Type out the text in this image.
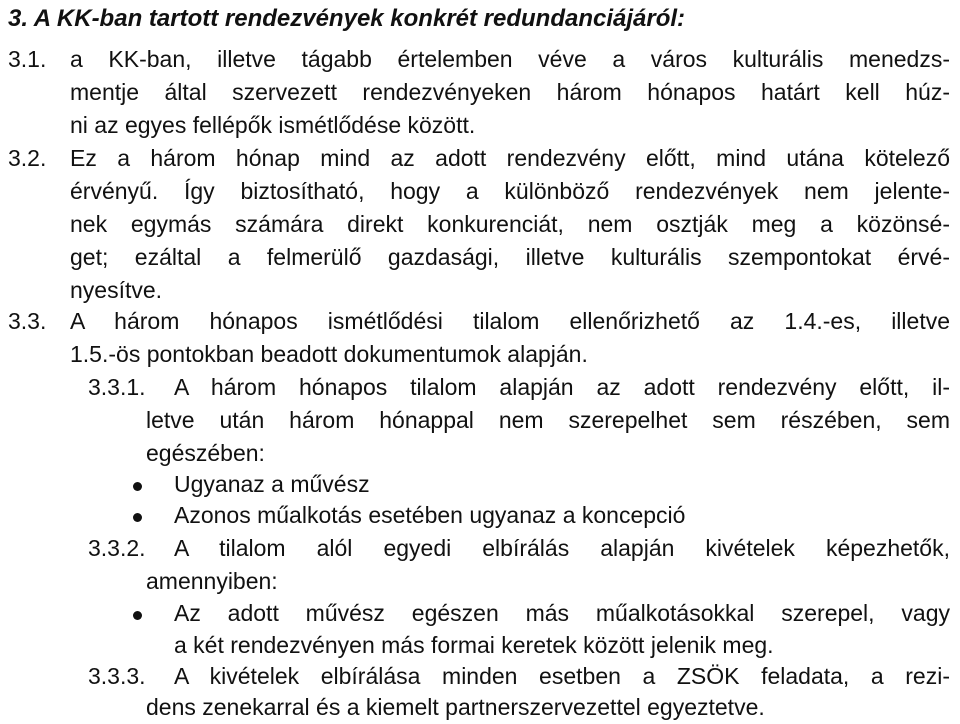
3. A KK-ban tartott rendezvények konkrét redundanciájáról:
3.1. a KK-ban, illetve tágabb értelemben véve a város kulturális menedzs-
mentje által szervezett rendezvényeken három hónapos határt kell húz-
ni az egyes fellépők ismétlődése között.
3.2. Ez a három hónap mind az adott rendezvény előtt, mind utána kötelező
érvényű. Így biztosítható, hogy a különböző rendezvények nem jelente-
nek egymás számára direkt konkurenciát, nem osztják meg a közönsé-
get; ezáltal a felmerülő gazdasági, illetve kulturális szempontokat érvé-
nyesítve.
3.3. A három hónapos ismétlődési tilalom ellenőrizhető az 1.4.-es, illetve
1.5.-ös pontokban beadott dokumentumok alapján.
3.3.1. A három hónapos tilalom alapján az adott rendezvény előtt, il-
letve után három hónappal nem szerepelhet sem részében, sem
egészében:
Ugyanaz a művész
Azonos műalkotás esetében ugyanaz a koncepció
3.3.2. A tilalom alól egyedi elbírálás alapján kivételek képezhetők,
amennyiben:
Az adott művész egészen más műalkotásokkal szerepel, vagy
a két rendezvényen más formai keretek között jelenik meg.
3.3.3. A kivételek elbírálása minden esetben a ZSÖK feladata, a rezi-
dens zenekarral és a kiemelt partnerszervezettel egyeztetve.
